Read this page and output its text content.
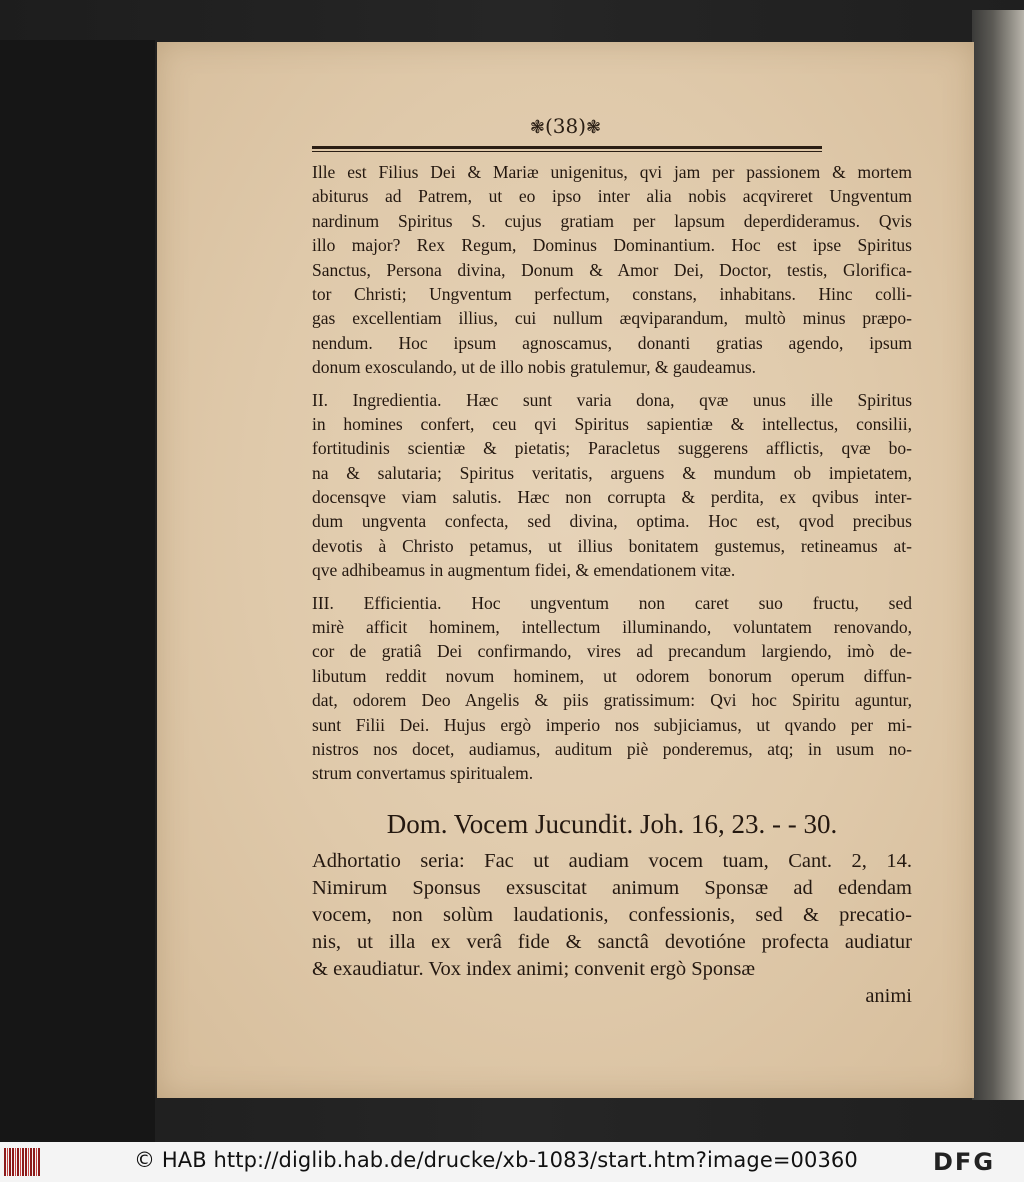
❃(38)❃
Ille est Filius Dei & Mariæ unigenitus, qvi jam per passionem & mortem
abiturus ad Patrem, ut eo ipso inter alia nobis acqvireret Ungventum
nardinum Spiritus S. cujus gratiam per lapsum deperdideramus. Qvis
illo major? Rex Regum, Dominus Dominantium. Hoc est ipse Spiritus
Sanctus, Persona divina, Donum & Amor Dei, Doctor, testis, Glorifica-
tor Christi; Ungventum perfectum, constans, inhabitans. Hinc colli-
gas excellentiam illius, cui nullum æqviparandum, multò minus præpo-
nendum. Hoc ipsum agnoscamus, donanti gratias agendo, ipsum
donum exosculando, ut de illo nobis gratulemur, & gaudeamus.
II. Ingredientia. Hæc sunt varia dona, qvæ unus ille Spiritus
in homines confert, ceu qvi Spiritus sapientiæ & intellectus, consilii,
fortitudinis scientiæ & pietatis; Paracletus suggerens afflictis, qvæ bo-
na & salutaria; Spiritus veritatis, arguens & mundum ob impietatem,
docensqve viam salutis. Hæc non corrupta & perdita, ex qvibus inter-
dum ungventa confecta, sed divina, optima. Hoc est, qvod precibus
devotis à Christo petamus, ut illius bonitatem gustemus, retineamus at-
qve adhibeamus in augmentum fidei, & emendationem vitæ.
III. Efficientia. Hoc ungventum non caret suo fructu, sed
mirè afficit hominem, intellectum illuminando, voluntatem renovando,
cor de gratiâ Dei confirmando, vires ad precandum largiendo, imò de-
libutum reddit novum hominem, ut odorem bonorum operum diffun-
dat, odorem Deo Angelis & piis gratissimum: Qvi hoc Spiritu aguntur,
sunt Filii Dei. Hujus ergò imperio nos subjiciamus, ut qvando per mi-
nistros nos docet, audiamus, auditum piè ponderemus, atq; in usum no-
strum convertamus spiritualem.
Dom. Vocem Jucundit. Joh. 16, 23. - - 30.
Adhortatio seria: Fac ut audiam vocem tuam, Cant. 2, 14.
Nimirum Sponsus exsuscitat animum Sponsæ ad edendam
vocem, non solùm laudationis, confessionis, sed & precatio-
nis, ut illa ex verâ fide & sanctâ devotióne profecta audiatur
& exaudiatur. Vox index animi; convenit ergò Sponsæ
animi
© HAB http://diglib.hab.de/drucke/xb-1083/start.htm?image=00360	DFG
